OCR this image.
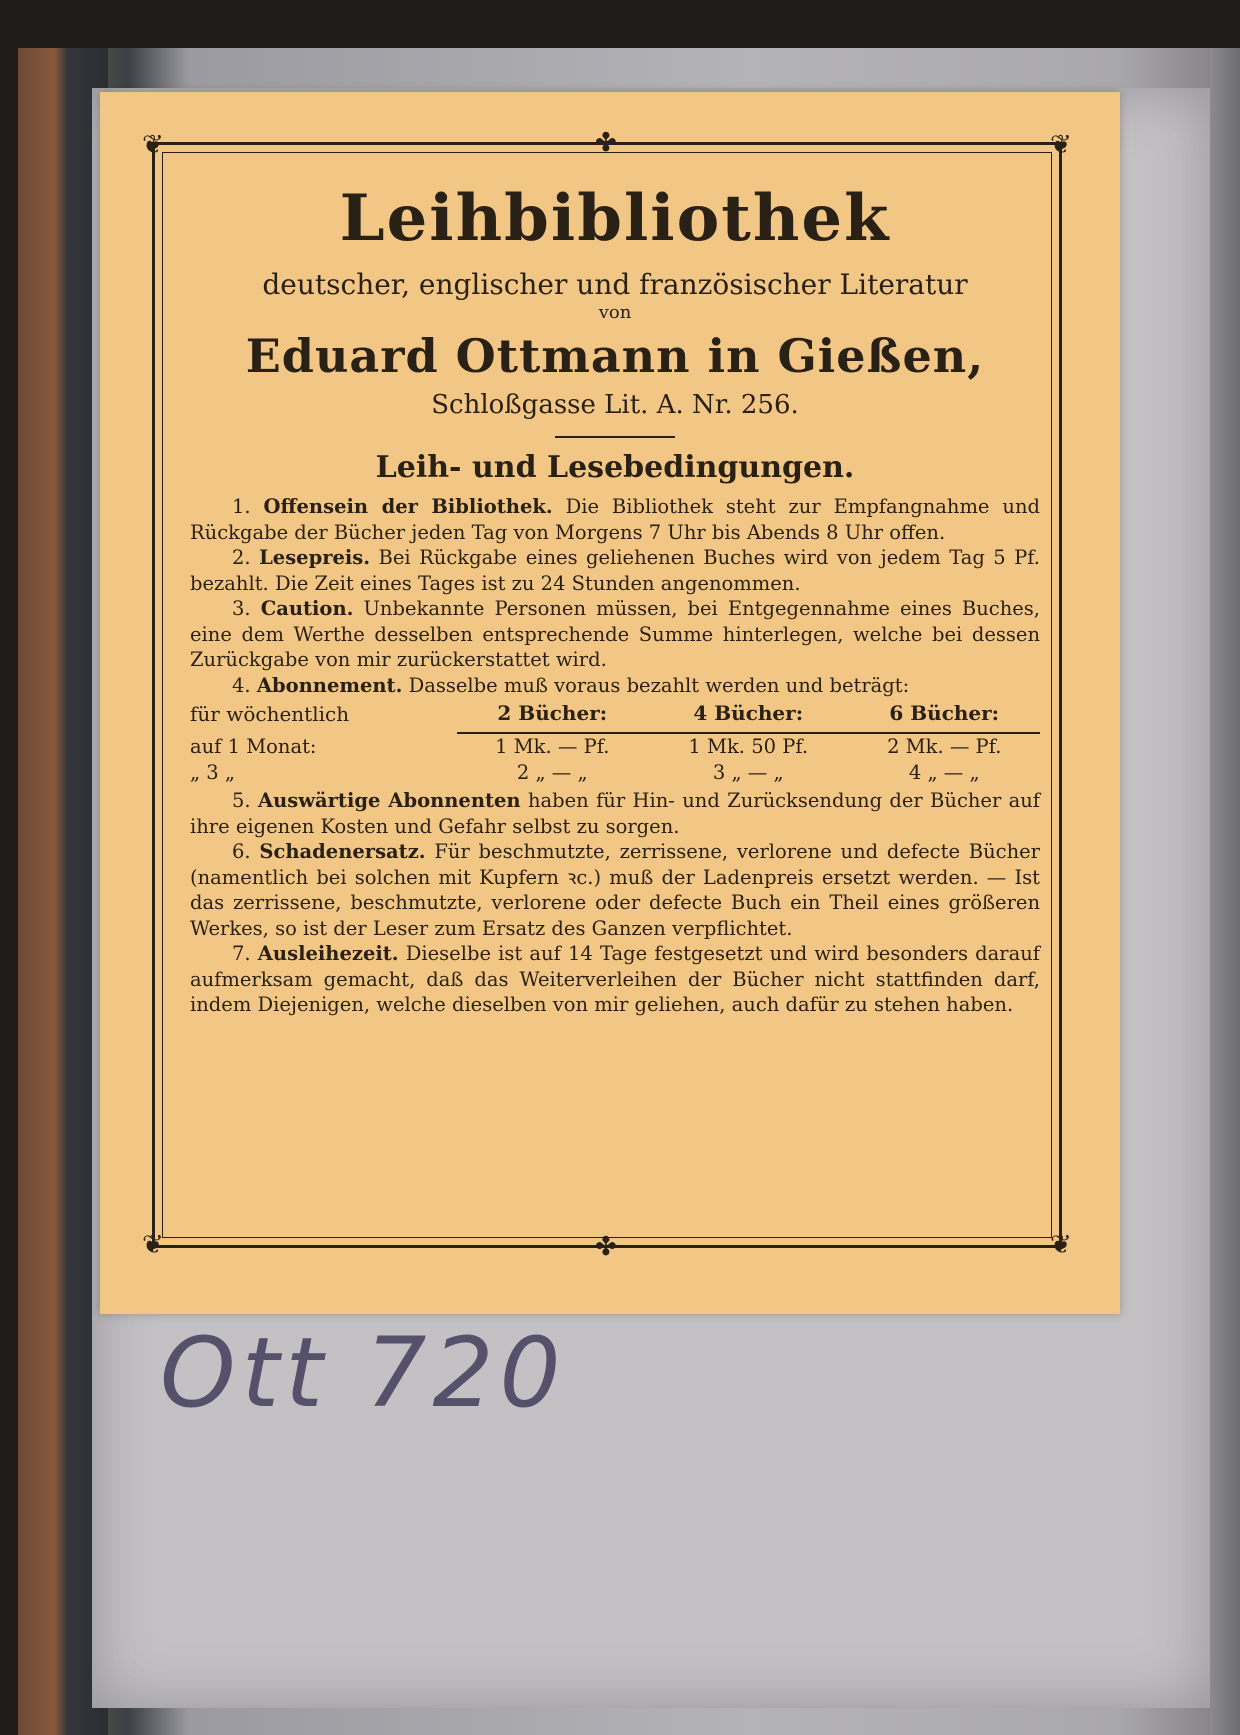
❦	❦
❦	❦
✤
✤
Leihbibliothek
deutscher, englischer und französischer Literatur
von
Eduard Ottmann in Gießen,
Schloßgasse Lit. A. Nr. 256.
Leih- und Lesebedingungen.

1. Offensein der Bibliothek. Die Bibliothek steht zur Empfangnahme und Rückgabe der Bücher jeden Tag von Morgens 7 Uhr bis Abends 8 Uhr offen.

2. Lesepreis. Bei Rückgabe eines geliehenen Buches wird von jedem Tag 5 Pf. bezahlt. Die Zeit eines Tages ist zu 24 Stunden angenommen.

3. Caution. Unbekannte Personen müssen, bei Entgegennahme eines Buches, eine dem Werthe desselben entsprechende Summe hinterlegen, welche bei dessen Zurückgabe von mir zurückerstattet wird.

4. Abonnement. Dasselbe muß voraus bezahlt werden und beträgt:

für wöchentlich	2 Bücher:	4 Bücher:	6 Bücher:
auf 1 Monat:	1 Mk. — Pf.	1 Mk. 50 Pf.	2 Mk. — Pf.
„ 3 „	2 „ — „	3 „ — „	4 „ — „

5. Auswärtige Abonnenten haben für Hin- und Zurücksendung der Bücher auf ihre eigenen Kosten und Gefahr selbst zu sorgen.

6. Schadenersatz. Für beschmutzte, zerrissene, verlorene und defecte Bücher (namentlich bei solchen mit Kupfern ꝛc.) muß der Ladenpreis ersetzt werden. — Ist das zerrissene, beschmutzte, verlorene oder defecte Buch ein Theil eines größeren Werkes, so ist der Leser zum Ersatz des Ganzen verpflichtet.

7. Ausleihezeit. Dieselbe ist auf 14 Tage festgesetzt und wird besonders darauf aufmerksam gemacht, daß das Weiterverleihen der Bücher nicht stattfinden darf, indem Diejenigen, welche dieselben von mir geliehen, auch dafür zu stehen haben.

Ott 720
